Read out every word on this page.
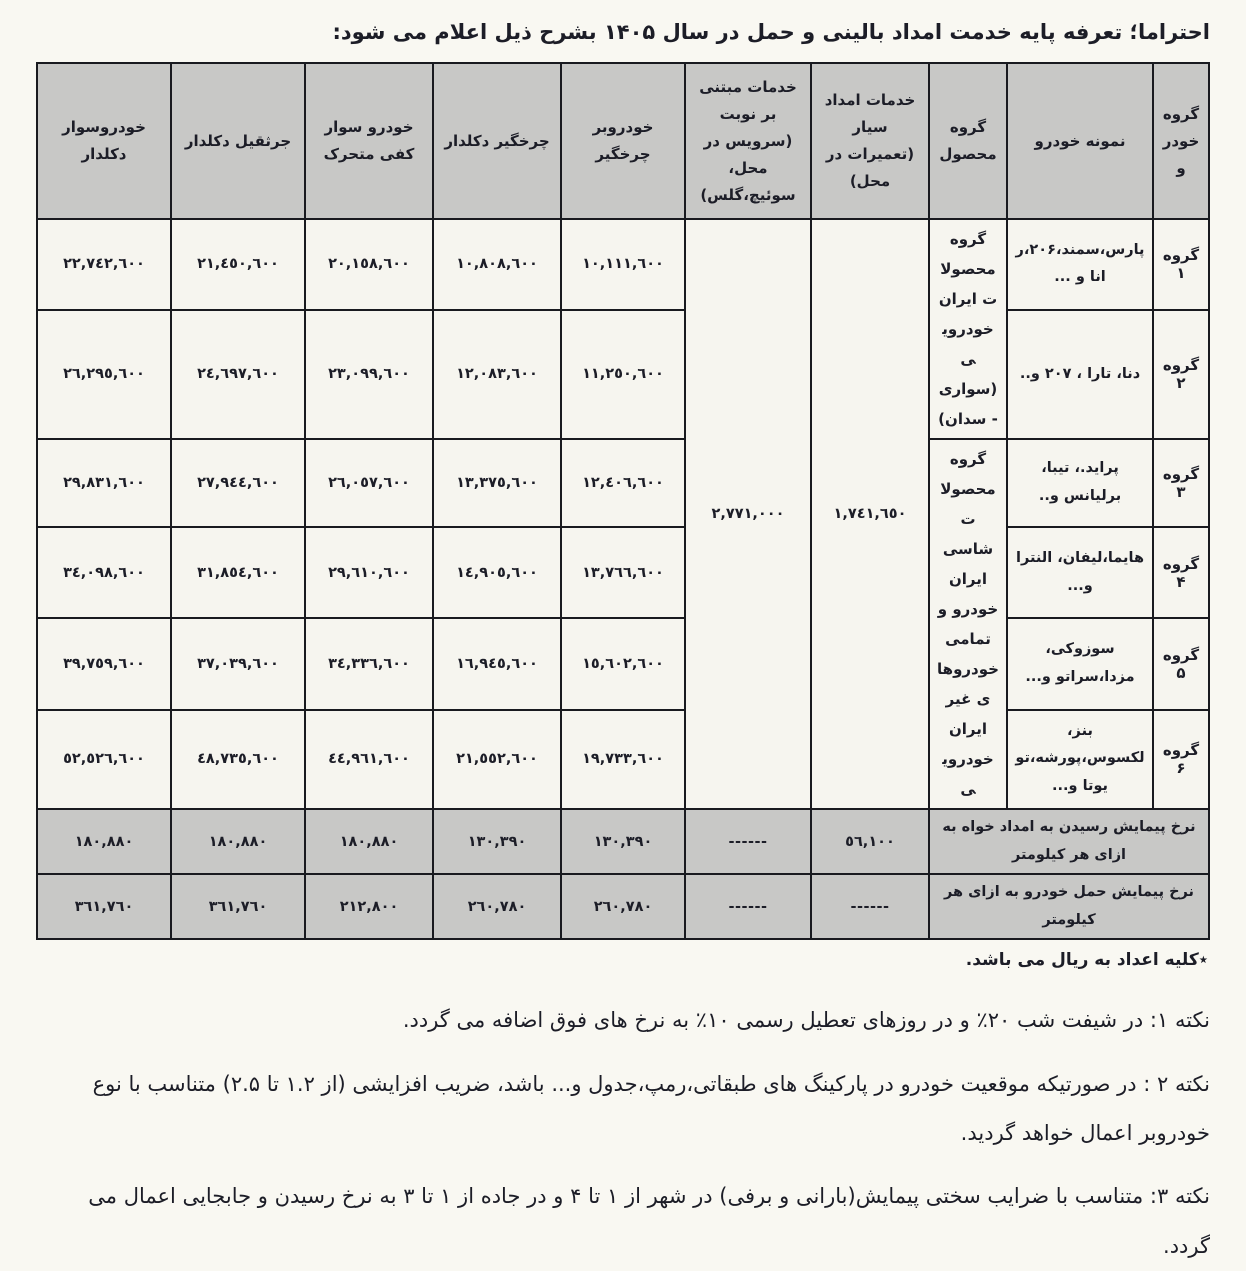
احتراما؛ تعرفه پایه خدمت امداد بالینی و حمل در سال ۱۴۰۵ بشرح ذیل اعلام می شود:
گروه خودرو	نمونه خودرو	گروه محصول	خدمات امداد سیار (تعمیرات در محل)	خدمات مبتنی بر نوبت (سرویس در محل، سوئیچ،گلس)	خودروبر چرخگیر	چرخگیر دکلدار	خودرو سوار کفی متحرک	جرثقیل دکلدار	خودروسوار دکلدار
گروه۱	پارس،سمند،۲۰۶،رانا و ...	گروه محصولات ایران خودرویی (سواری- سدان)	١,٧٤١,٦٥٠	٢,٧٧١,٠٠٠	١٠,١١١,٦٠٠	١٠,٨٠٨,٦٠٠	٢٠,١٥٨,٦٠٠	٢١,٤٥٠,٦٠٠	٢٢,٧٤٢,٦٠٠
گروه۲	دنا، تارا ، ۲۰۷ و..				١١,٢٥٠,٦٠٠	١٢,٠٨٣,٦٠٠	٢٣,٠٩٩,٦٠٠	٢٤,٦٩٧,٦٠٠	٢٦,٢٩٥,٦٠٠
گروه۳	پراید.، تیبا، برلیانس و..	گروه محصولات شاسی ایران خودرو و تمامی خودروهای غیر ایران خودرویی			١٢,٤٠٦,٦٠٠	١٣,٣٧٥,٦٠٠	٢٦,٠٥٧,٦٠٠	٢٧,٩٤٤,٦٠٠	٢٩,٨٣١,٦٠٠
گروه۴	هایما،لیفان، النترا و...				١٣,٧٦٦,٦٠٠	١٤,٩٠٥,٦٠٠	٢٩,٦١٠,٦٠٠	٣١,٨٥٤,٦٠٠	٣٤,٠٩٨,٦٠٠
گروه۵	سوزوکی، مزدا،سراتو و...				١٥,٦٠٢,٦٠٠	١٦,٩٤٥,٦٠٠	٣٤,٣٣٦,٦٠٠	٣٧,٠٣٩,٦٠٠	٣٩,٧٥٩,٦٠٠
گروه ۶	بنز، لکسوس،پورشه،تویوتا و...				١٩,٧٣٣,٦٠٠	٢١,٥٥٢,٦٠٠	٤٤,٩٦١,٦٠٠	٤٨,٧٣٥,٦٠٠	٥٢,٥٢٦,٦٠٠
نرخ پیمایش رسیدن به امداد خواه به ازای هر کیلومتر			٥٦,١٠٠	------	١٣٠,٣٩٠	١٣٠,٣٩٠	١٨٠,٨٨٠	١٨٠,٨٨٠	١٨٠,٨٨٠
نرخ پیمایش حمل خودرو به ازای هر کیلومتر			------	------	٢٦٠,٧٨٠	٢٦٠,٧٨٠	٢١٢,٨٠٠	٣٦١,٧٦٠	٣٦١,٧٦٠
٭کلیه اعداد به ریال می باشد.
نکته ۱: در شیفت شب ۲۰٪ و در روزهای تعطیل رسمی ۱۰٪ به نرخ های فوق اضافه می گردد.
نکته ۲ : در صورتیکه موقعیت خودرو در پارکینگ های طبقاتی،رمپ،جدول و... باشد، ضریب افزایشی (از ۱.۲ تا ۲.۵) متناسب با نوع خودروبر اعمال خواهد گردید.
نکته ۳: متناسب با ضرایب سختی پیمایش(بارانی و برفی) در شهر از ۱ تا ۴ و در جاده از ۱ تا ۳ به نرخ رسیدن و جابجایی اعمال می گردد.
